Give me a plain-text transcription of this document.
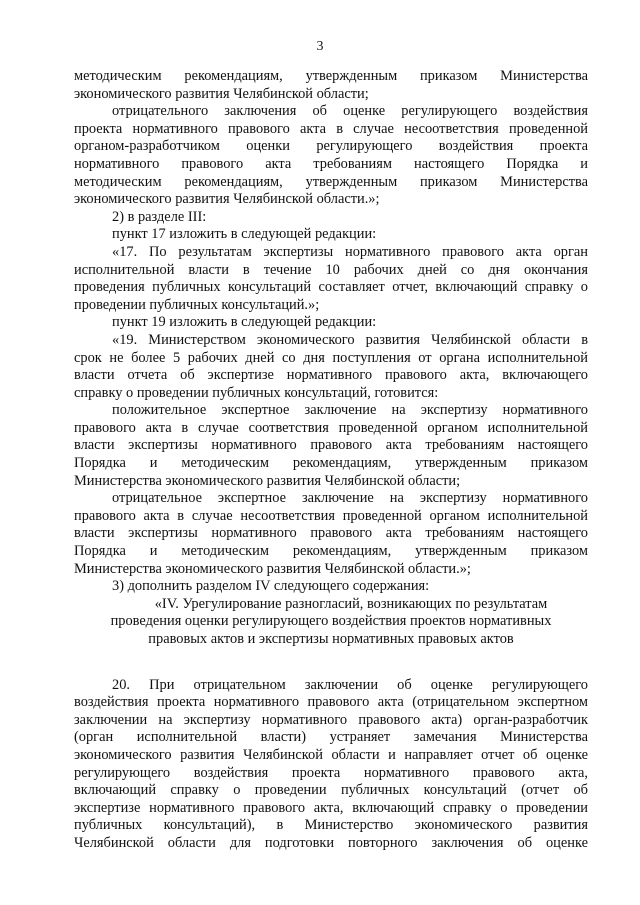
3
методическим рекомендациям, утвержденным приказом Министерства
экономического развития Челябинской области;
отрицательного заключения об оценке регулирующего воздействия
проекта нормативного правового акта в случае несоответствия проведенной
органом-разработчиком оценки регулирующего воздействия проекта
нормативного правового акта требованиям настоящего Порядка и
методическим рекомендациям, утвержденным приказом Министерства
экономического развития Челябинской области.»;
2) в разделе III:
пункт 17 изложить в следующей редакции:
«17. По результатам экспертизы нормативного правового акта орган
исполнительной власти в течение 10 рабочих дней со дня окончания
проведения публичных консультаций составляет отчет, включающий справку о
проведении публичных консультаций.»;
пункт 19 изложить в следующей редакции:
«19. Министерством экономического развития Челябинской области в
срок не более 5 рабочих дней со дня поступления от органа исполнительной
власти отчета об экспертизе нормативного правового акта, включающего
справку о проведении публичных консультаций, готовится:
положительное экспертное заключение на экспертизу нормативного
правового акта в случае соответствия проведенной органом исполнительной
власти экспертизы нормативного правового акта требованиям настоящего
Порядка и методическим рекомендациям, утвержденным приказом
Министерства экономического развития Челябинской области;
отрицательное экспертное заключение на экспертизу нормативного
правового акта в случае несоответствия проведенной органом исполнительной
власти экспертизы нормативного правового акта требованиям настоящего
Порядка и методическим рекомендациям, утвержденным приказом
Министерства экономического развития Челябинской области.»;
3) дополнить разделом IV следующего содержания:
«IV. Урегулирование разногласий, возникающих по результатам
проведения оценки регулирующего воздействия проектов нормативных
правовых актов и экспертизы нормативных правовых актов
20. При отрицательном заключении об оценке регулирующего
воздействия проекта нормативного правового акта (отрицательном экспертном
заключении на экспертизу нормативного правового акта) орган-разработчик
(орган исполнительной власти) устраняет замечания Министерства
экономического развития Челябинской области и направляет отчет об оценке
регулирующего воздействия проекта нормативного правового акта,
включающий справку о проведении публичных консультаций (отчет об
экспертизе нормативного правового акта, включающий справку о проведении
публичных консультаций), в Министерство экономического развития
Челябинской области для подготовки повторного заключения об оценке
